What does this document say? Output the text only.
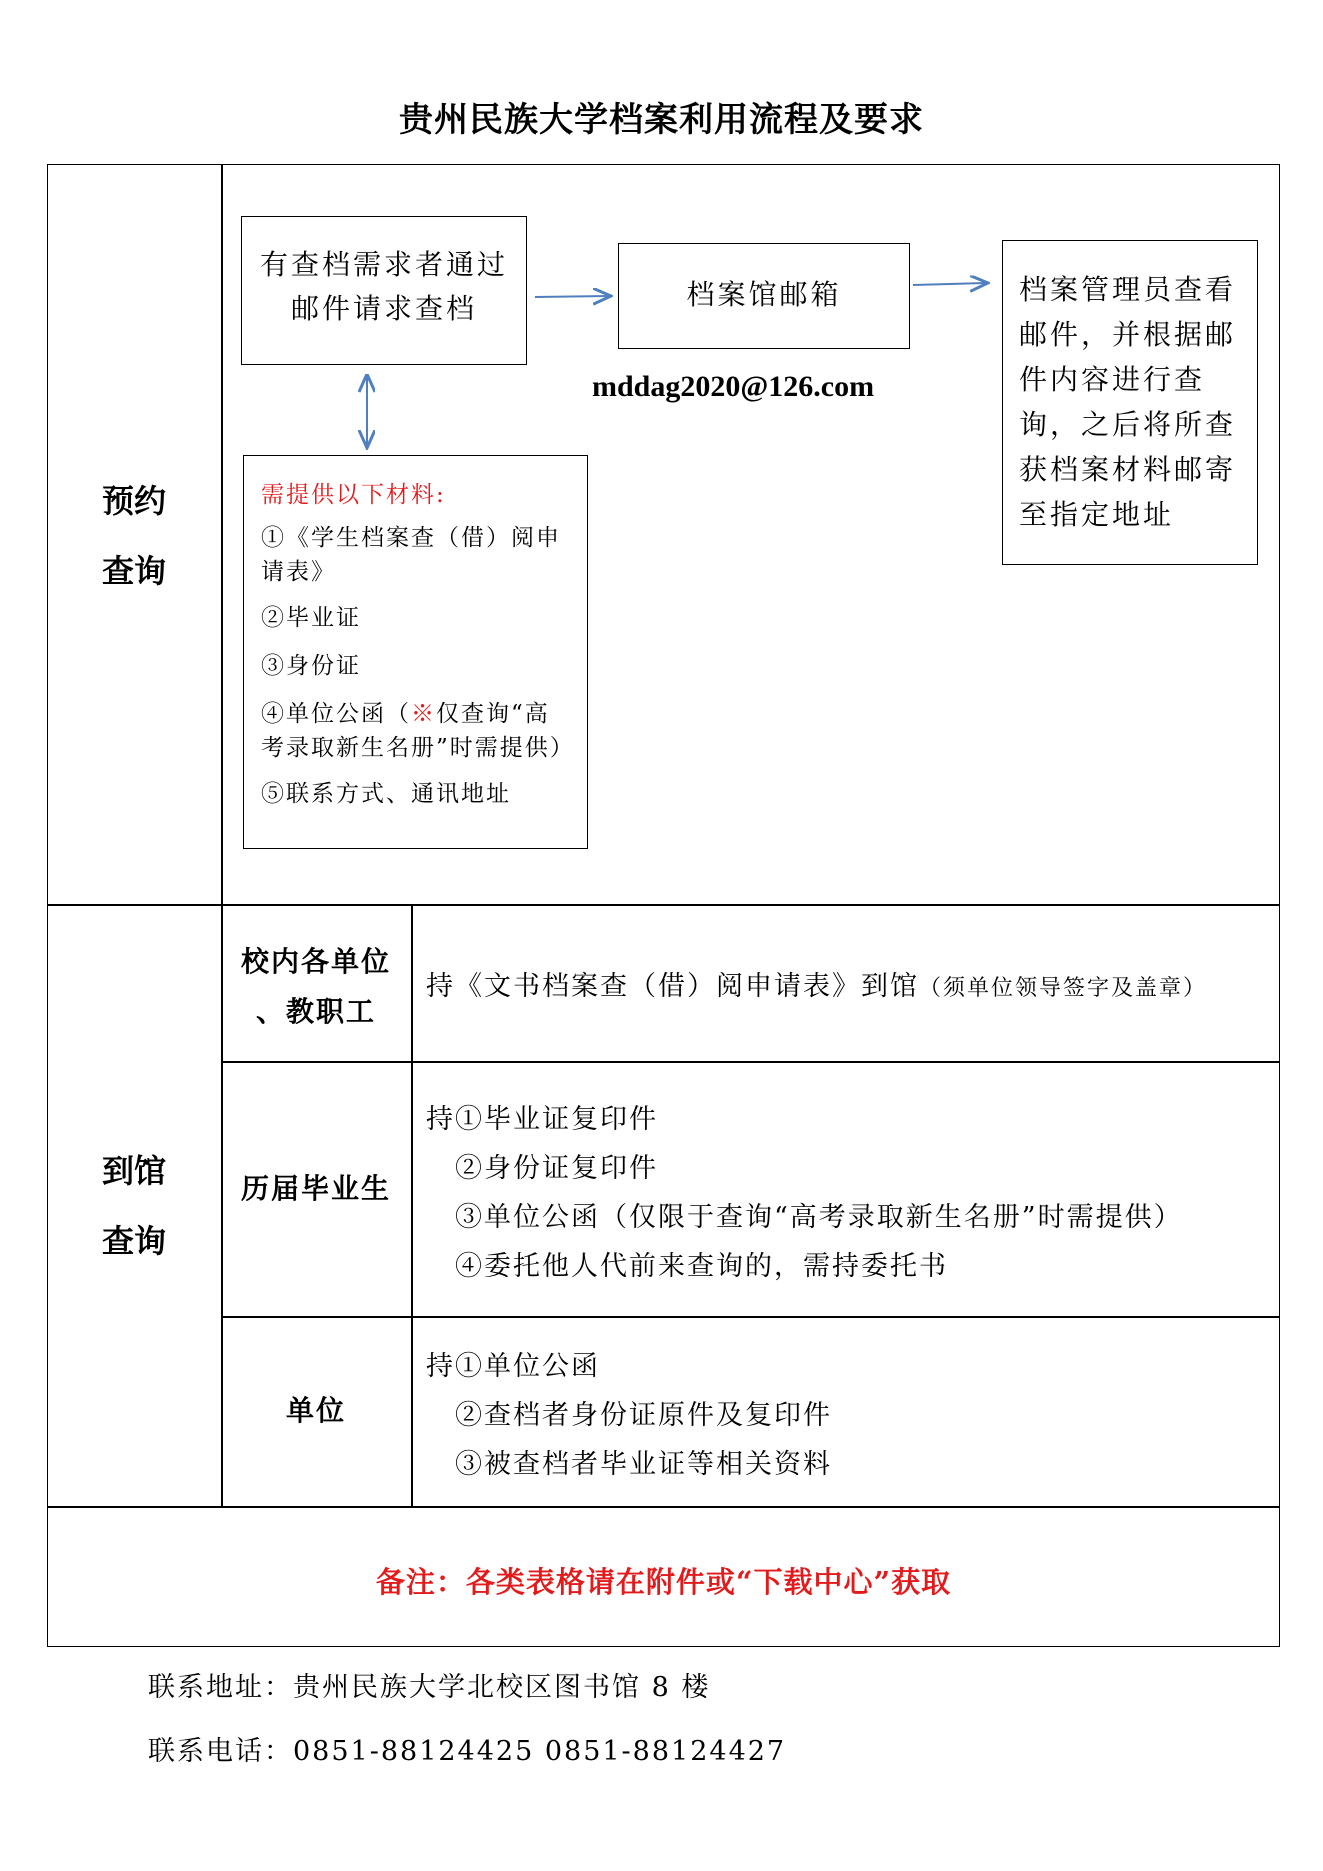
贵州民族大学档案利用流程及要求
预约
查询
到馆
查询
有查档需求者通过
邮件请求查档	档案馆邮箱
mddag2020@126.com
档案管理员查看
邮件，并根据邮
件内容进行查
询，之后将所查
获档案材料邮寄
至指定地址
需提供以下材料:
①《学生档案查（借）阅申
请表》
②毕业证
③身份证
④单位公函（※仅查询“高
考录取新生名册”时需提供）
⑤联系方式、通讯地址
校内各单位
、教职工
历届毕业生
单位
持《文书档案查（借）阅申请表》到馆（须单位领导签字及盖章）
持①毕业证复印件
②身份证复印件
③单位公函（仅限于查询“高考录取新生名册”时需提供）
④委托他人代前来查询的，需持委托书
持①单位公函
②查档者身份证原件及复印件
③被查档者毕业证等相关资料
备注：各类表格请在附件或“下载中心”获取
联系地址：贵州民族大学北校区图书馆 8 楼
联系电话：0851-88124425 0851-88124427
